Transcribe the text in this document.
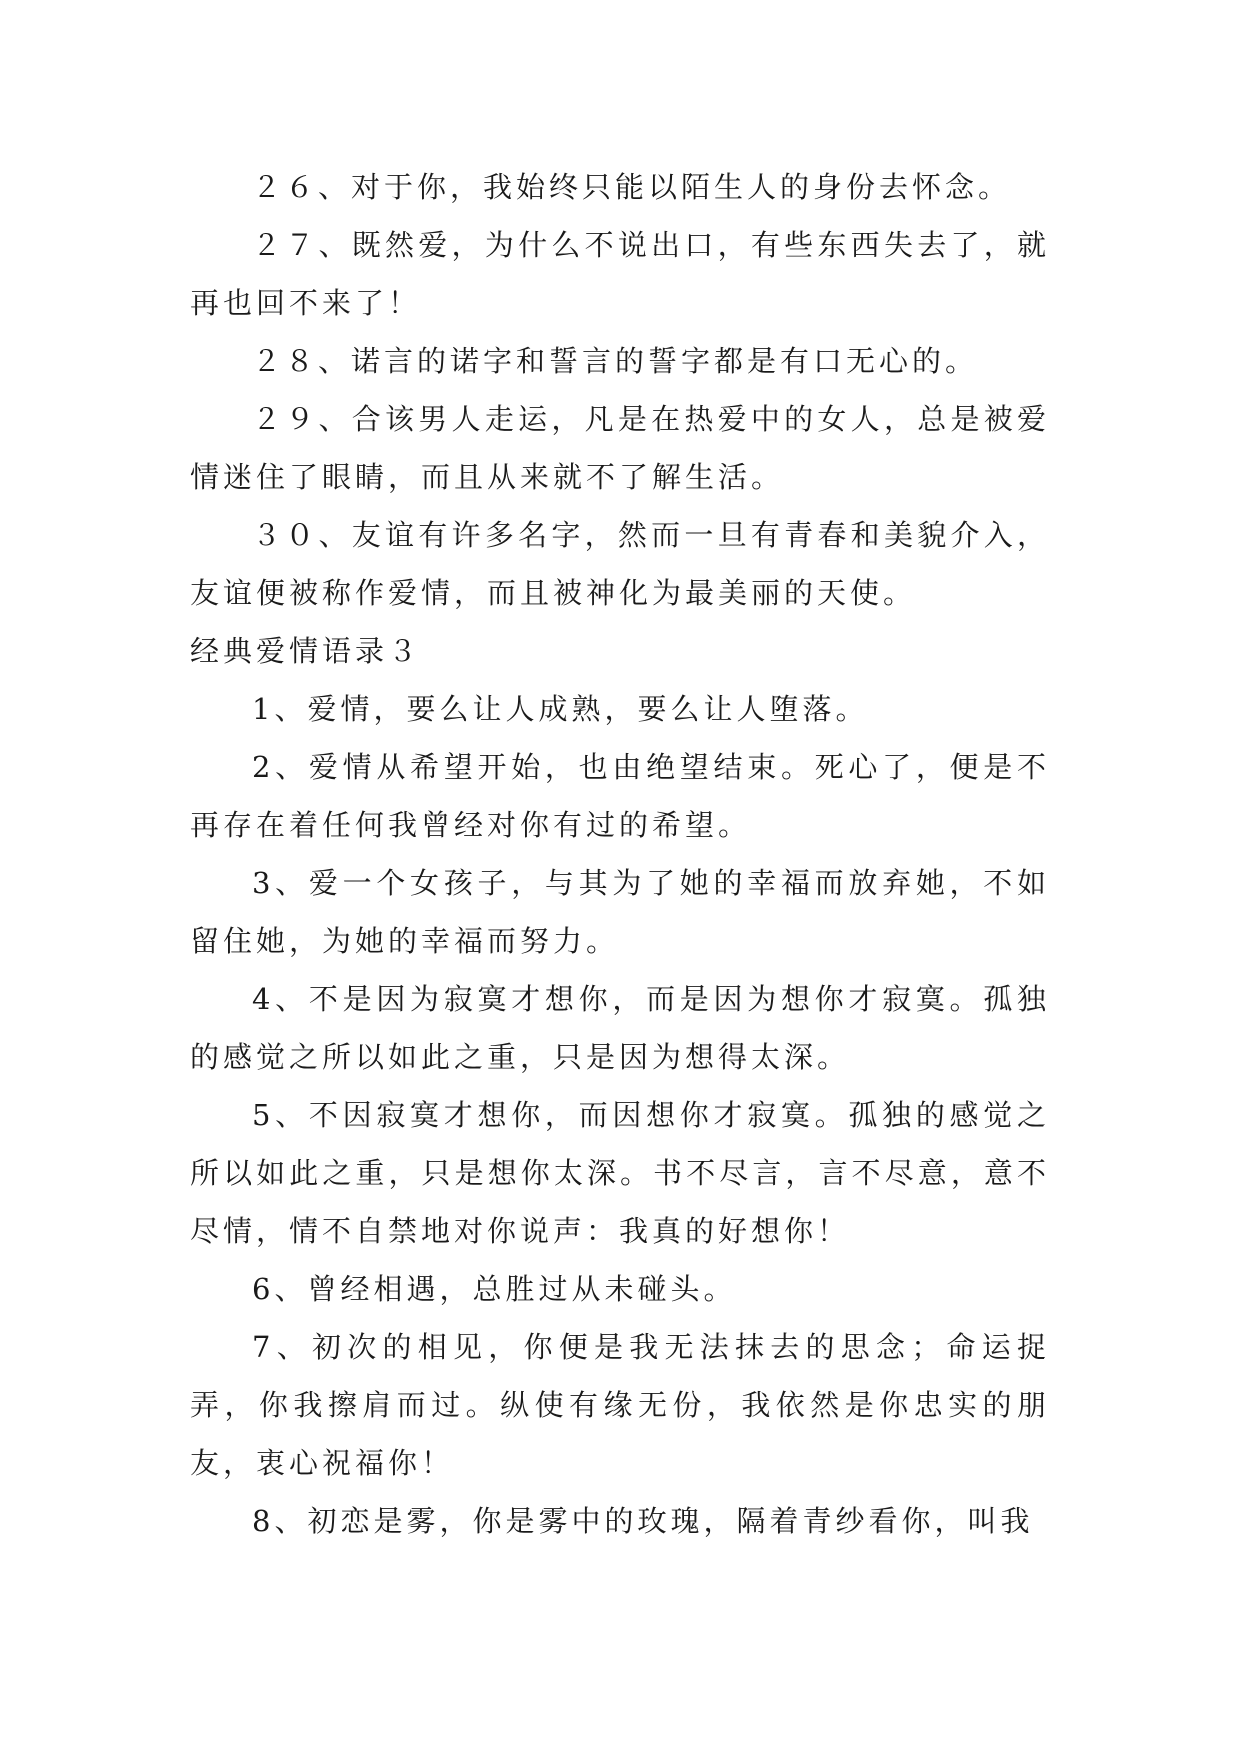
２６、对于你，我始终只能以陌生人的身份去怀念。

２７、既然爱，为什么不说出口，有些东西失去了，就再也回不来了！

２８、诺言的诺字和誓言的誓字都是有口无心的。

２９、合该男人走运，凡是在热爱中的女人，总是被爱情迷住了眼睛，而且从来就不了解生活。

３０、友谊有许多名字，然而一旦有青春和美貌介入，友谊便被称作爱情，而且被神化为最美丽的天使。

经典爱情语录３

1、爱情，要么让人成熟，要么让人堕落。

2、爱情从希望开始，也由绝望结束。死心了，便是不再存在着任何我曾经对你有过的希望。

3、爱一个女孩子，与其为了她的幸福而放弃她，不如留住她，为她的幸福而努力。

4、不是因为寂寞才想你，而是因为想你才寂寞。孤独的感觉之所以如此之重，只是因为想得太深。

5、不因寂寞才想你，而因想你才寂寞。孤独的感觉之所以如此之重，只是想你太深。书不尽言，言不尽意，意不尽情，情不自禁地对你说声：我真的好想你！

6、曾经相遇，总胜过从未碰头。

7、初次的相见，你便是我无法抹去的思念；命运捉弄，你我擦肩而过。纵使有缘无份，我依然是你忠实的朋友，衷心祝福你！

8、初恋是雾，你是雾中的玫瑰，隔着青纱看你，叫我
